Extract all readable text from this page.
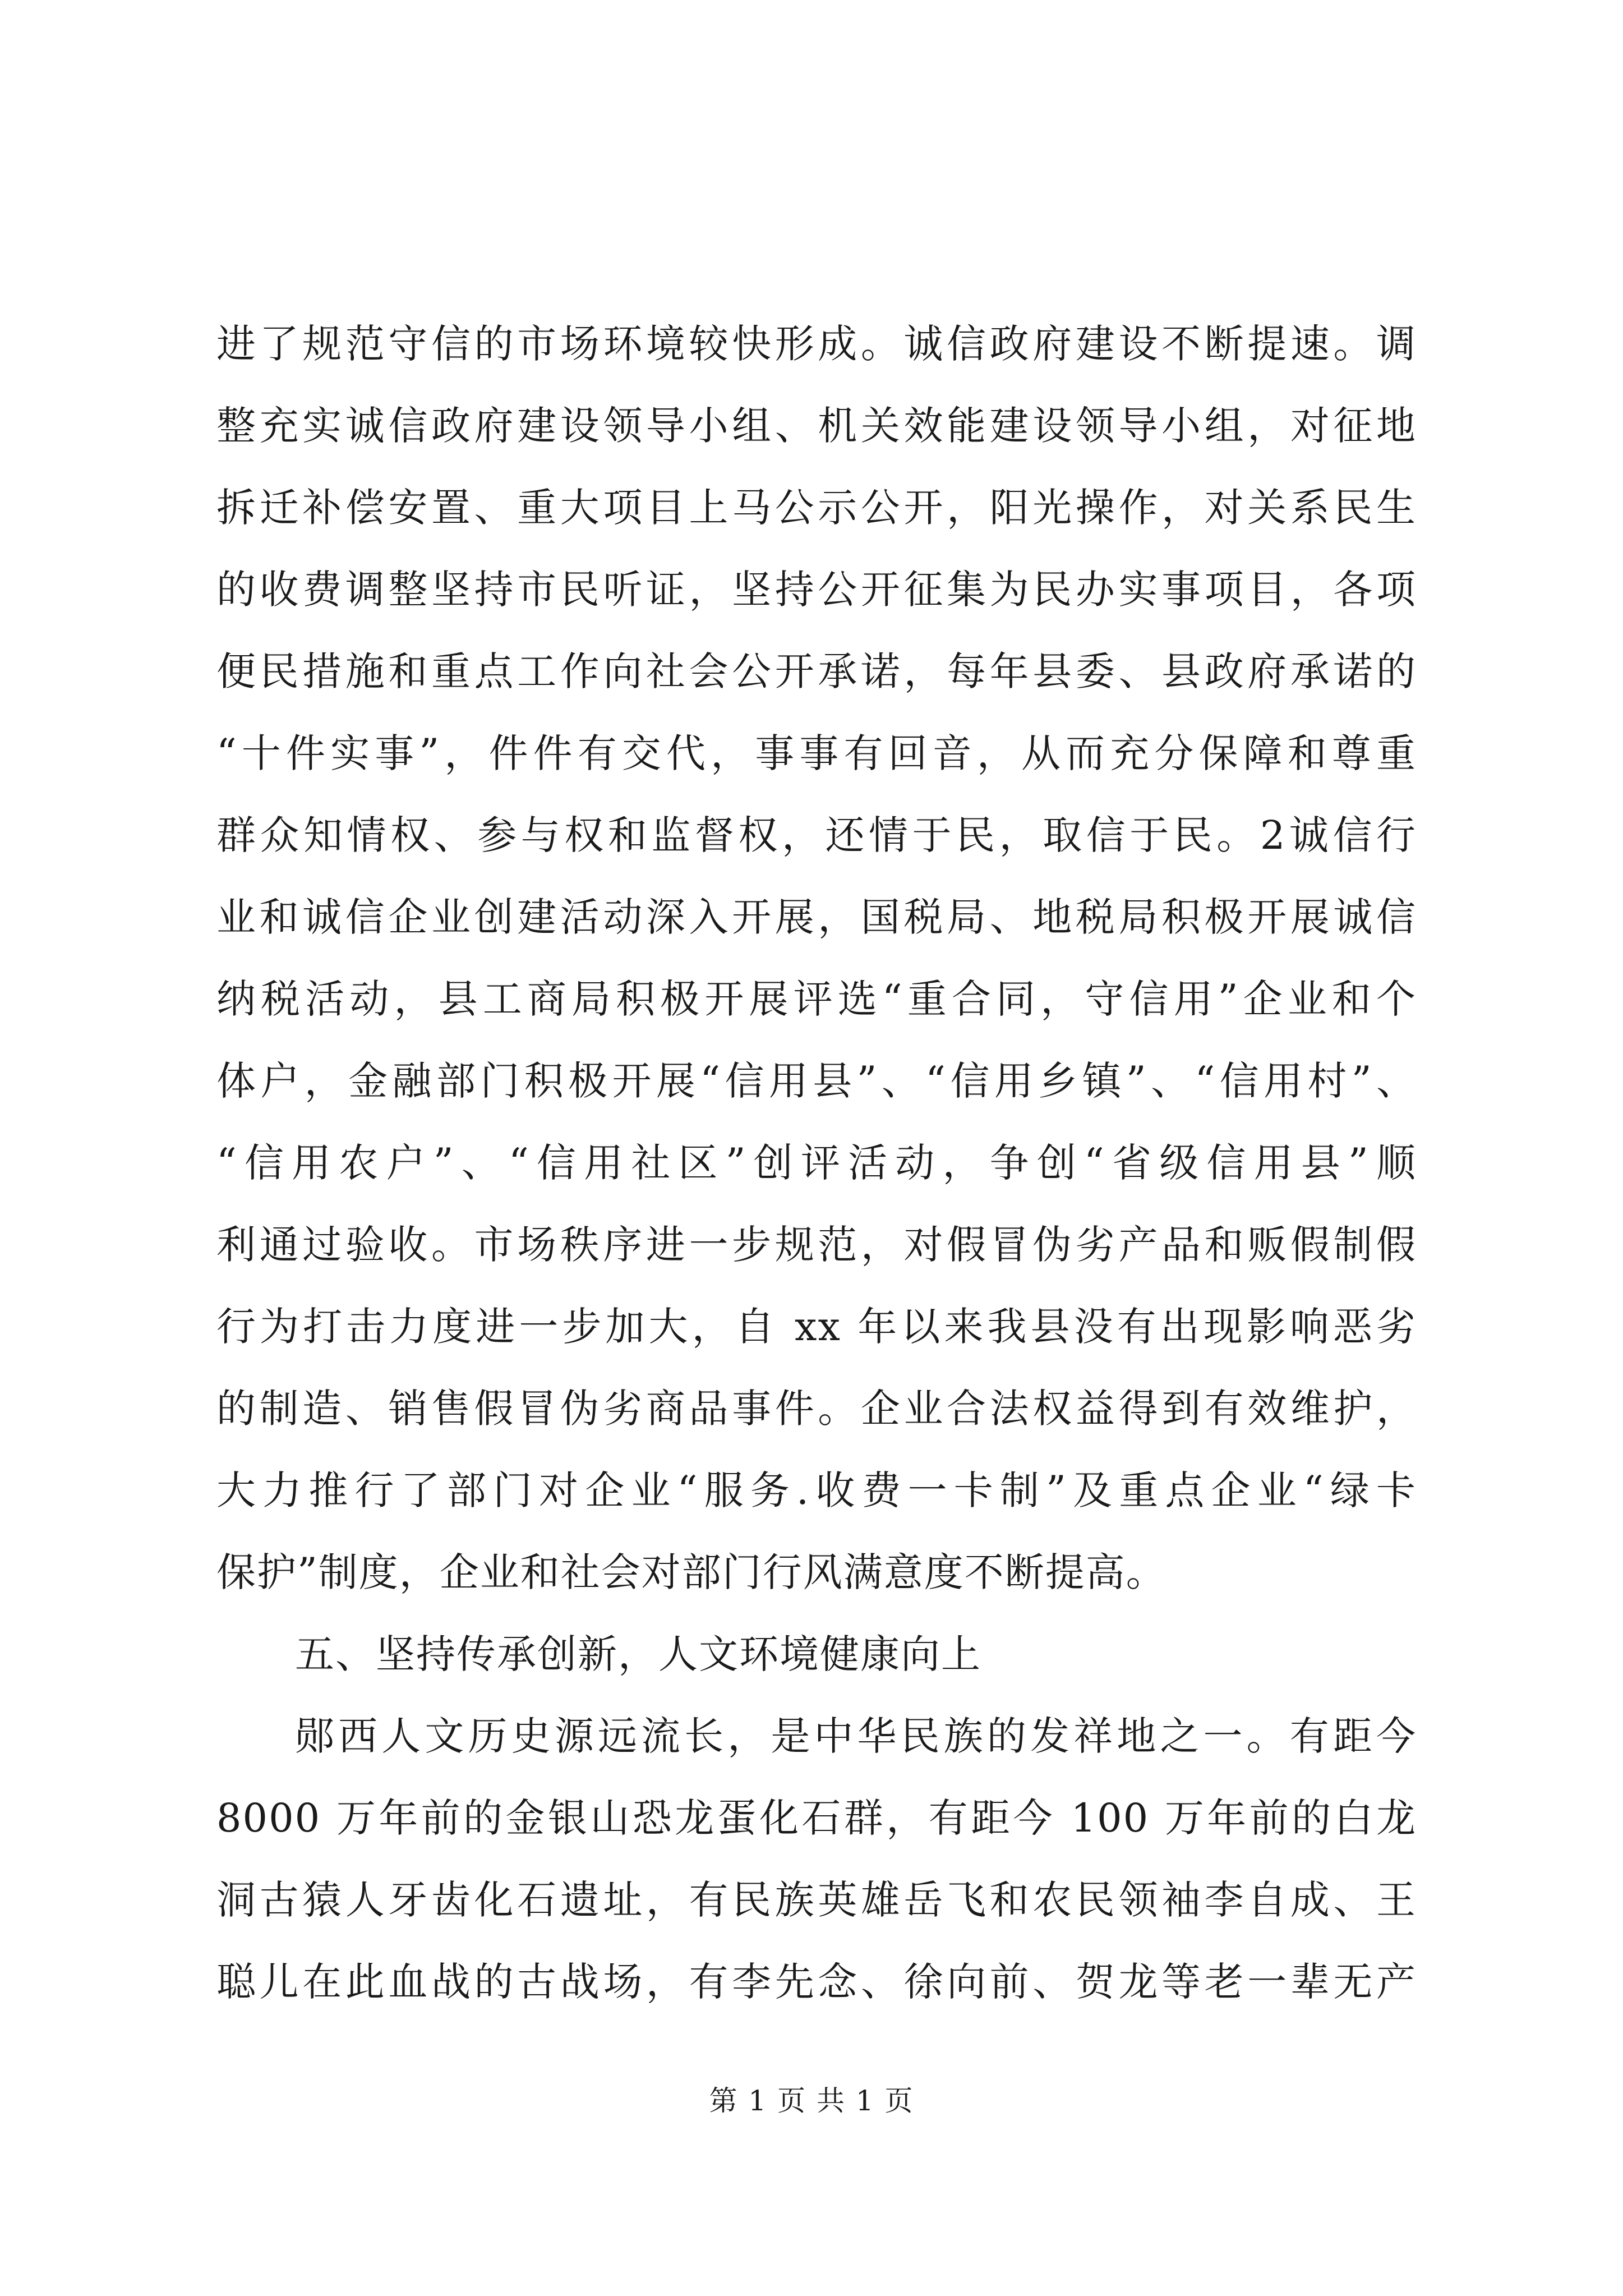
进了规范守信的市场环境较快形成。诚信政府建设不断提速。调
整充实诚信政府建设领导小组、机关效能建设领导小组，对征地
拆迁补偿安置、重大项目上马公示公开，阳光操作，对关系民生
的收费调整坚持市民听证，坚持公开征集为民办实事项目，各项
便民措施和重点工作向社会公开承诺，每年县委、县政府承诺的
“十件实事”，件件有交代，事事有回音，从而充分保障和尊重
群众知情权、参与权和监督权，还情于民，取信于民。2诚信行
业和诚信企业创建活动深入开展，国税局、地税局积极开展诚信
纳税活动，县工商局积极开展评选“重合同，守信用”企业和个
体户，金融部门积极开展“信用县”、“信用乡镇”、“信用村”、
“信用农户”、“信用社区”创评活动，争创“省级信用县”顺
利通过验收。市场秩序进一步规范，对假冒伪劣产品和贩假制假
行为打击力度进一步加大，自 xx 年以来我县没有出现影响恶劣
的制造、销售假冒伪劣商品事件。企业合法权益得到有效维护，
大力推行了部门对企业“服务.收费一卡制”及重点企业“绿卡
保护”制度，企业和社会对部门行风满意度不断提高。
五、坚持传承创新，人文环境健康向上
郧西人文历史源远流长，是中华民族的发祥地之一。有距今
8000 万年前的金银山恐龙蛋化石群，有距今 100 万年前的白龙
洞古猿人牙齿化石遗址，有民族英雄岳飞和农民领袖李自成、王
聪儿在此血战的古战场，有李先念、徐向前、贺龙等老一辈无产
第 1 页 共 1 页
